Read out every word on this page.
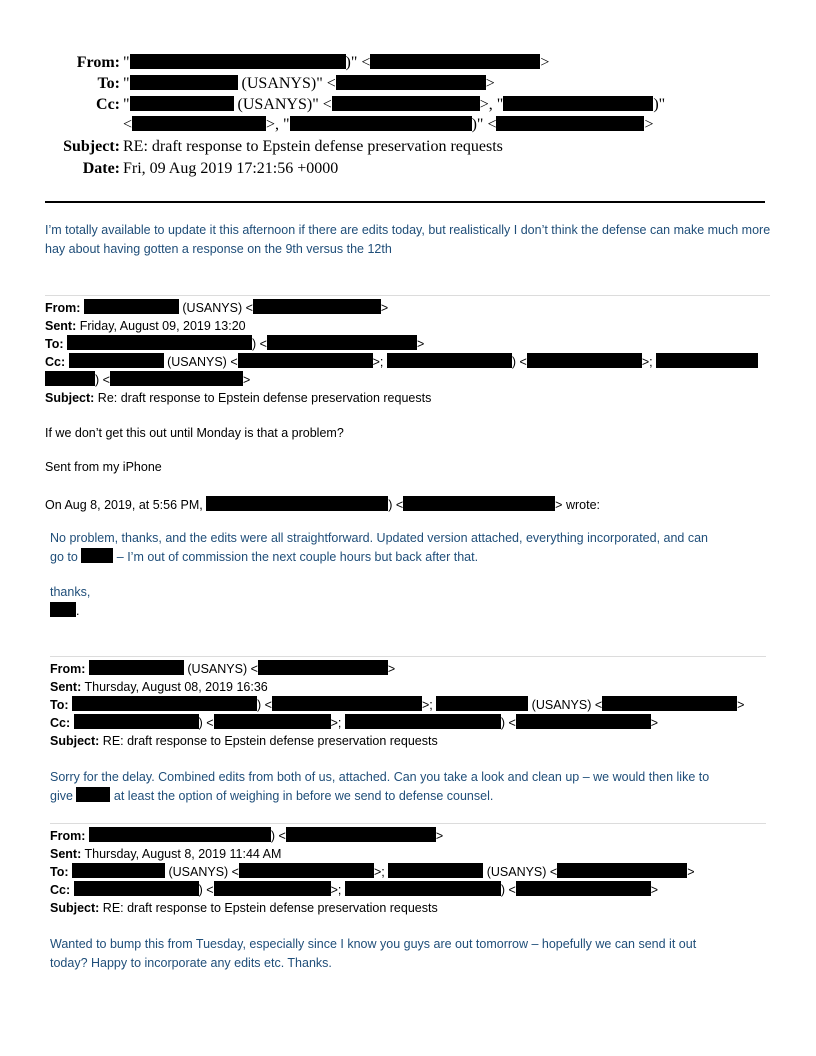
From: "	)" <	>
To: "	(USANYS)" <	>
Cc: "	(USANYS)" <	>, "	)"
<	>, "	)" <	>
Subject: RE: draft response to Epstein defense preservation requests
Date: Fri, 09 Aug 2019 17:21:56 +0000
I’m totally available to update it this afternoon if there are edits today, but realistically I don’t think the defense can make much more hay about having gotten a response on the 9th versus the 12th
From:	(USANYS) <	>
Sent: Friday, August 09, 2019 13:20
To:	) <	>
Cc:	(USANYS) <	>;	) <	>;
) <	>
Subject: Re: draft response to Epstein defense preservation requests
If we don’t get this out until Monday is that a problem?
Sent from my iPhone
On Aug 8, 2019, at 5:56 PM,	) <	> wrote:
No problem, thanks, and the edits were all straightforward. Updated version attached, everything incorporated, and can
go to	– I’m out of commission the next couple hours but back after that.
thanks,
.
From:	(USANYS) <	>
Sent: Thursday, August 08, 2019 16:36
To:	) <	>;	(USANYS) <	>
Cc:	) <	>;	) <	>
Subject: RE: draft response to Epstein defense preservation requests
Sorry for the delay. Combined edits from both of us, attached. Can you take a look and clean up – we would then like to
give	at least the option of weighing in before we send to defense counsel.
From:	) <	>
Sent: Thursday, August 8, 2019 11:44 AM
To:	(USANYS) <	>;	(USANYS) <	>
Cc:	) <	>;	) <	>
Subject: RE: draft response to Epstein defense preservation requests
Wanted to bump this from Tuesday, especially since I know you guys are out tomorrow – hopefully we can send it out
today? Happy to incorporate any edits etc. Thanks.
